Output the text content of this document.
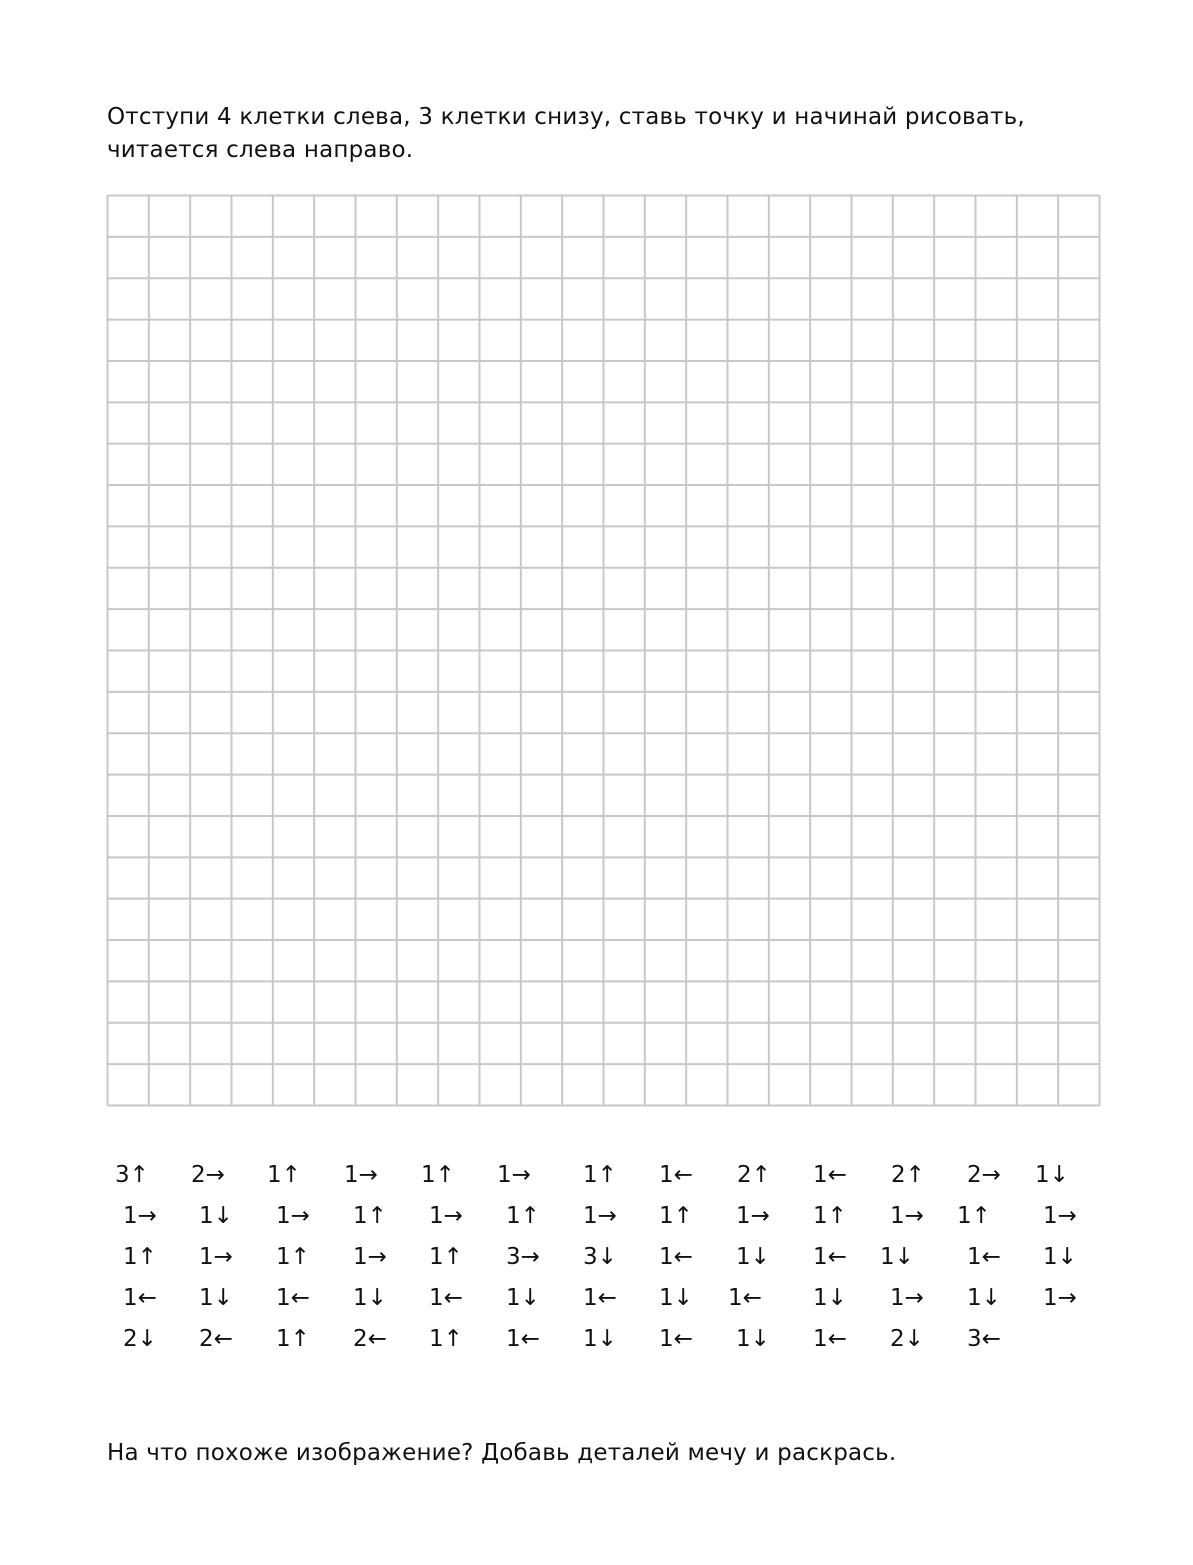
Отступи 4 клетки слева, 3 клетки снизу, ставь точку и начинай рисовать, читается слева направо.

3↑ 2→ 1↑ 1→ 1↑ 1→ 1↑ 1← 2↑ 1← 2↑ 2→ 1↓
1→ 1↓ 1→ 1↑ 1→ 1↑ 1→ 1↑ 1→ 1↑ 1→ 1↑ 1→
1↑ 1→ 1↑ 1→ 1↑ 3→ 3↓ 1← 1↓ 1← 1↓ 1← 1↓
1← 1↓ 1← 1↓ 1← 1↓ 1← 1↓ 1← 1↓ 1→ 1↓ 1→
2↓ 2← 1↑ 2← 1↑ 1← 1↓ 1← 1↓ 1← 2↓ 3←

На что похоже изображение? Добавь деталей мечу и раскрась.
